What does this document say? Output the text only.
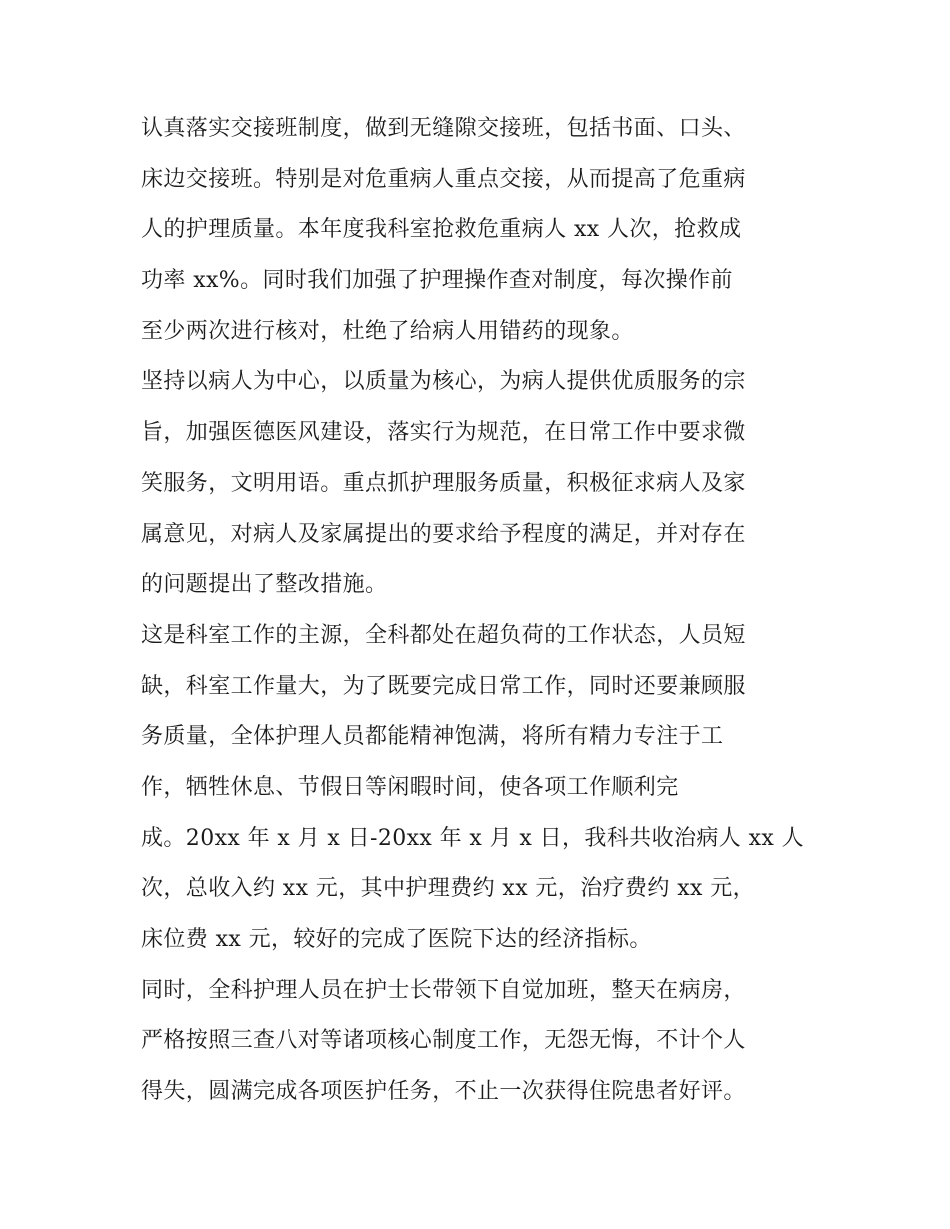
认真落实交接班制度，做到无缝隙交接班，包括书面、口头、
床边交接班。特别是对危重病人重点交接，从而提高了危重病
人的护理质量。本年度我科室抢救危重病人 xx 人次，抢救成
功率 xx%。同时我们加强了护理操作查对制度，每次操作前
至少两次进行核对，杜绝了给病人用错药的现象。
坚持以病人为中心，以质量为核心，为病人提供优质服务的宗
旨，加强医德医风建设，落实行为规范，在日常工作中要求微
笑服务，文明用语。重点抓护理服务质量，积极征求病人及家
属意见，对病人及家属提出的要求给予程度的满足，并对存在
的问题提出了整改措施。
这是科室工作的主源，全科都处在超负荷的工作状态，人员短
缺，科室工作量大，为了既要完成日常工作，同时还要兼顾服
务质量，全体护理人员都能精神饱满，将所有精力专注于工
作，牺牲休息、节假日等闲暇时间，使各项工作顺利完
成。20xx 年 x 月 x 日-20xx 年 x 月 x 日，我科共收治病人 xx 人
次，总收入约 xx 元，其中护理费约 xx 元，治疗费约 xx 元，
床位费 xx 元，较好的完成了医院下达的经济指标。
同时，全科护理人员在护士长带领下自觉加班，整天在病房，
严格按照三查八对等诸项核心制度工作，无怨无悔，不计个人
得失，圆满完成各项医护任务，不止一次获得住院患者好评。
